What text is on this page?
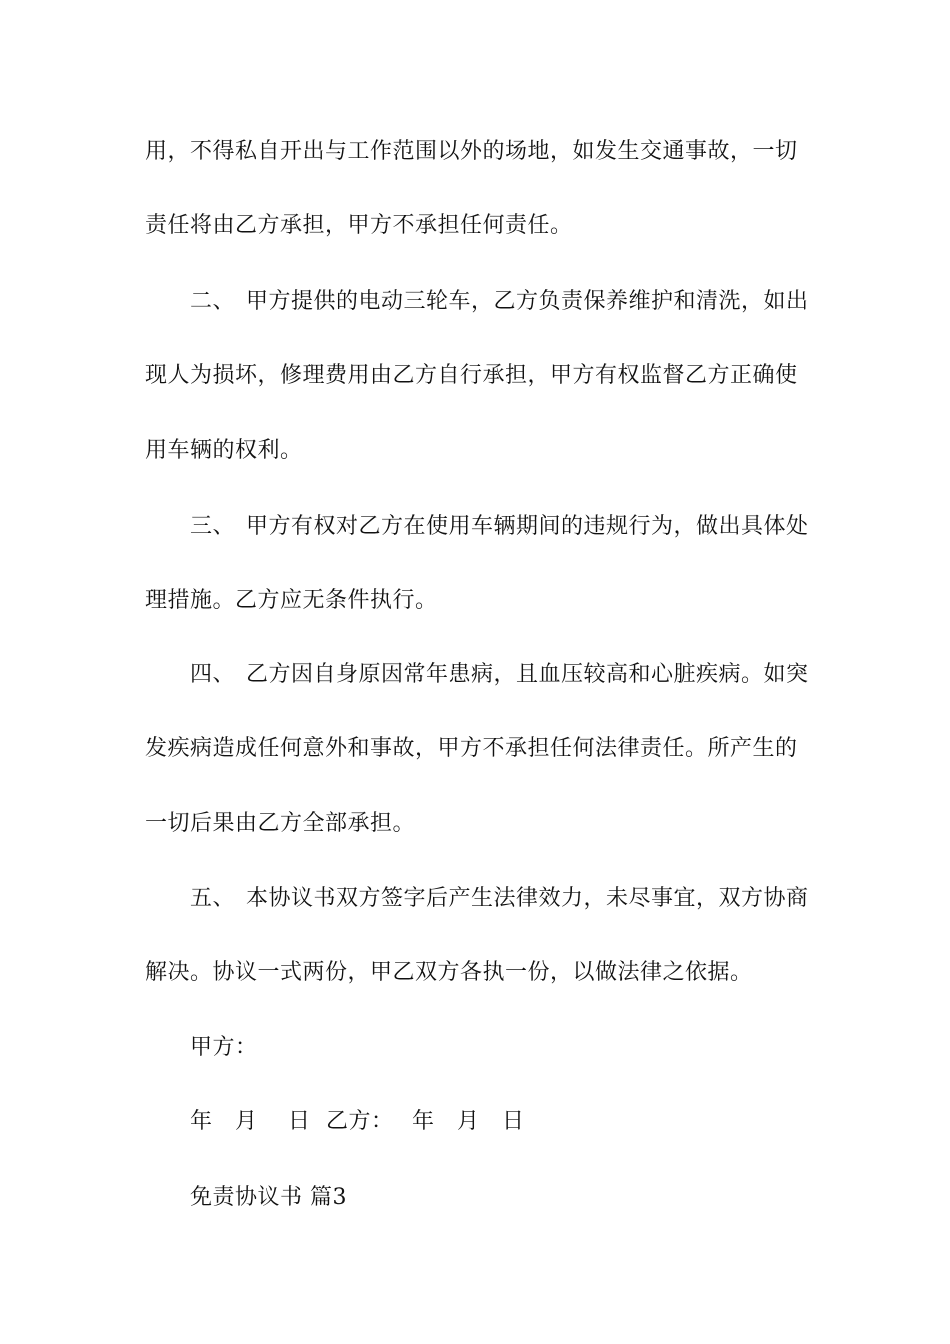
用，不得私自开出与工作范围以外的场地，如发生交通事故，一切
责任将由乙方承担，甲方不承担任何责任。
二、 甲方提供的电动三轮车，乙方负责保养维护和清洗，如出
现人为损坏，修理费用由乙方自行承担，甲方有权监督乙方正确使
用车辆的权利。
三、 甲方有权对乙方在使用车辆期间的违规行为，做出具体处
理措施。乙方应无条件执行。
四、 乙方因自身原因常年患病，且血压较高和心脏疾病。如突
发疾病造成任何意外和事故，甲方不承担任何法律责任。所产生的
一切后果由乙方全部承担。
五、 本协议书双方签字后产生法律效力，未尽事宜，双方协商
解决。协议一式两份，甲乙双方各执一份，以做法律之依据。
甲方：
年 月 日 乙方： 年 月 日
免责协议书 篇3
